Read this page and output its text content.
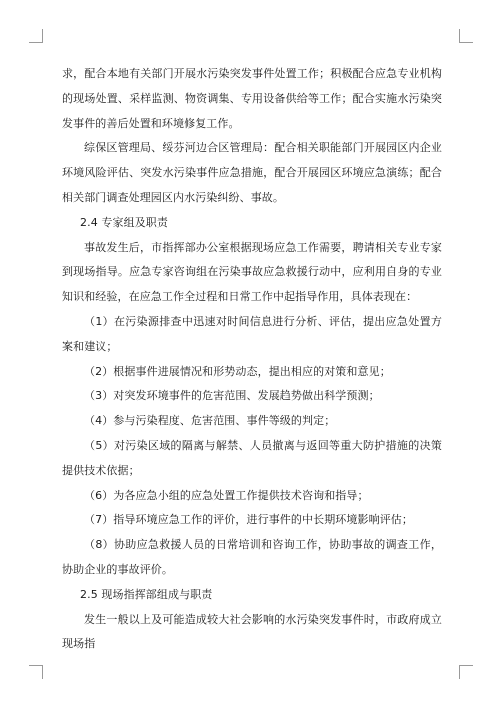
求，配合本地有关部门开展水污染突发事件处置工作；积极配合应急专业机构的现场处置、采样监测、物资调集、专用设备供给等工作；配合实施水污染突发事件的善后处置和环境修复工作。

综保区管理局、绥芬河边合区管理局：配合相关职能部门开展园区内企业环境风险评估、突发水污染事件应急措施，配合开展园区环境应急演练；配合相关部门调查处理园区内水污染纠纷、事故。

2.4 专家组及职责

事故发生后，市指挥部办公室根据现场应急工作需要，聘请相关专业专家到现场指导。应急专家咨询组在污染事故应急救援行动中，应利用自身的专业知识和经验，在应急工作全过程和日常工作中起指导作用，具体表现在：

（1）在污染源排查中迅速对时间信息进行分析、评估，提出应急处置方案和建议；

（2）根据事件进展情况和形势动态，提出相应的对策和意见；

（3）对突发环境事件的危害范围、发展趋势做出科学预测；

（4）参与污染程度、危害范围、事件等级的判定；

（5）对污染区域的隔离与解禁、人员撤离与返回等重大防护措施的决策提供技术依据；

（6）为各应急小组的应急处置工作提供技术咨询和指导；

（7）指导环境应急工作的评价，进行事件的中长期环境影响评估；

（8）协助应急救援人员的日常培训和咨询工作，协助事故的调查工作，协助企业的事故评价。

2.5 现场指挥部组成与职责

发生一般以上及可能造成较大社会影响的水污染突发事件时，市政府成立现场指
